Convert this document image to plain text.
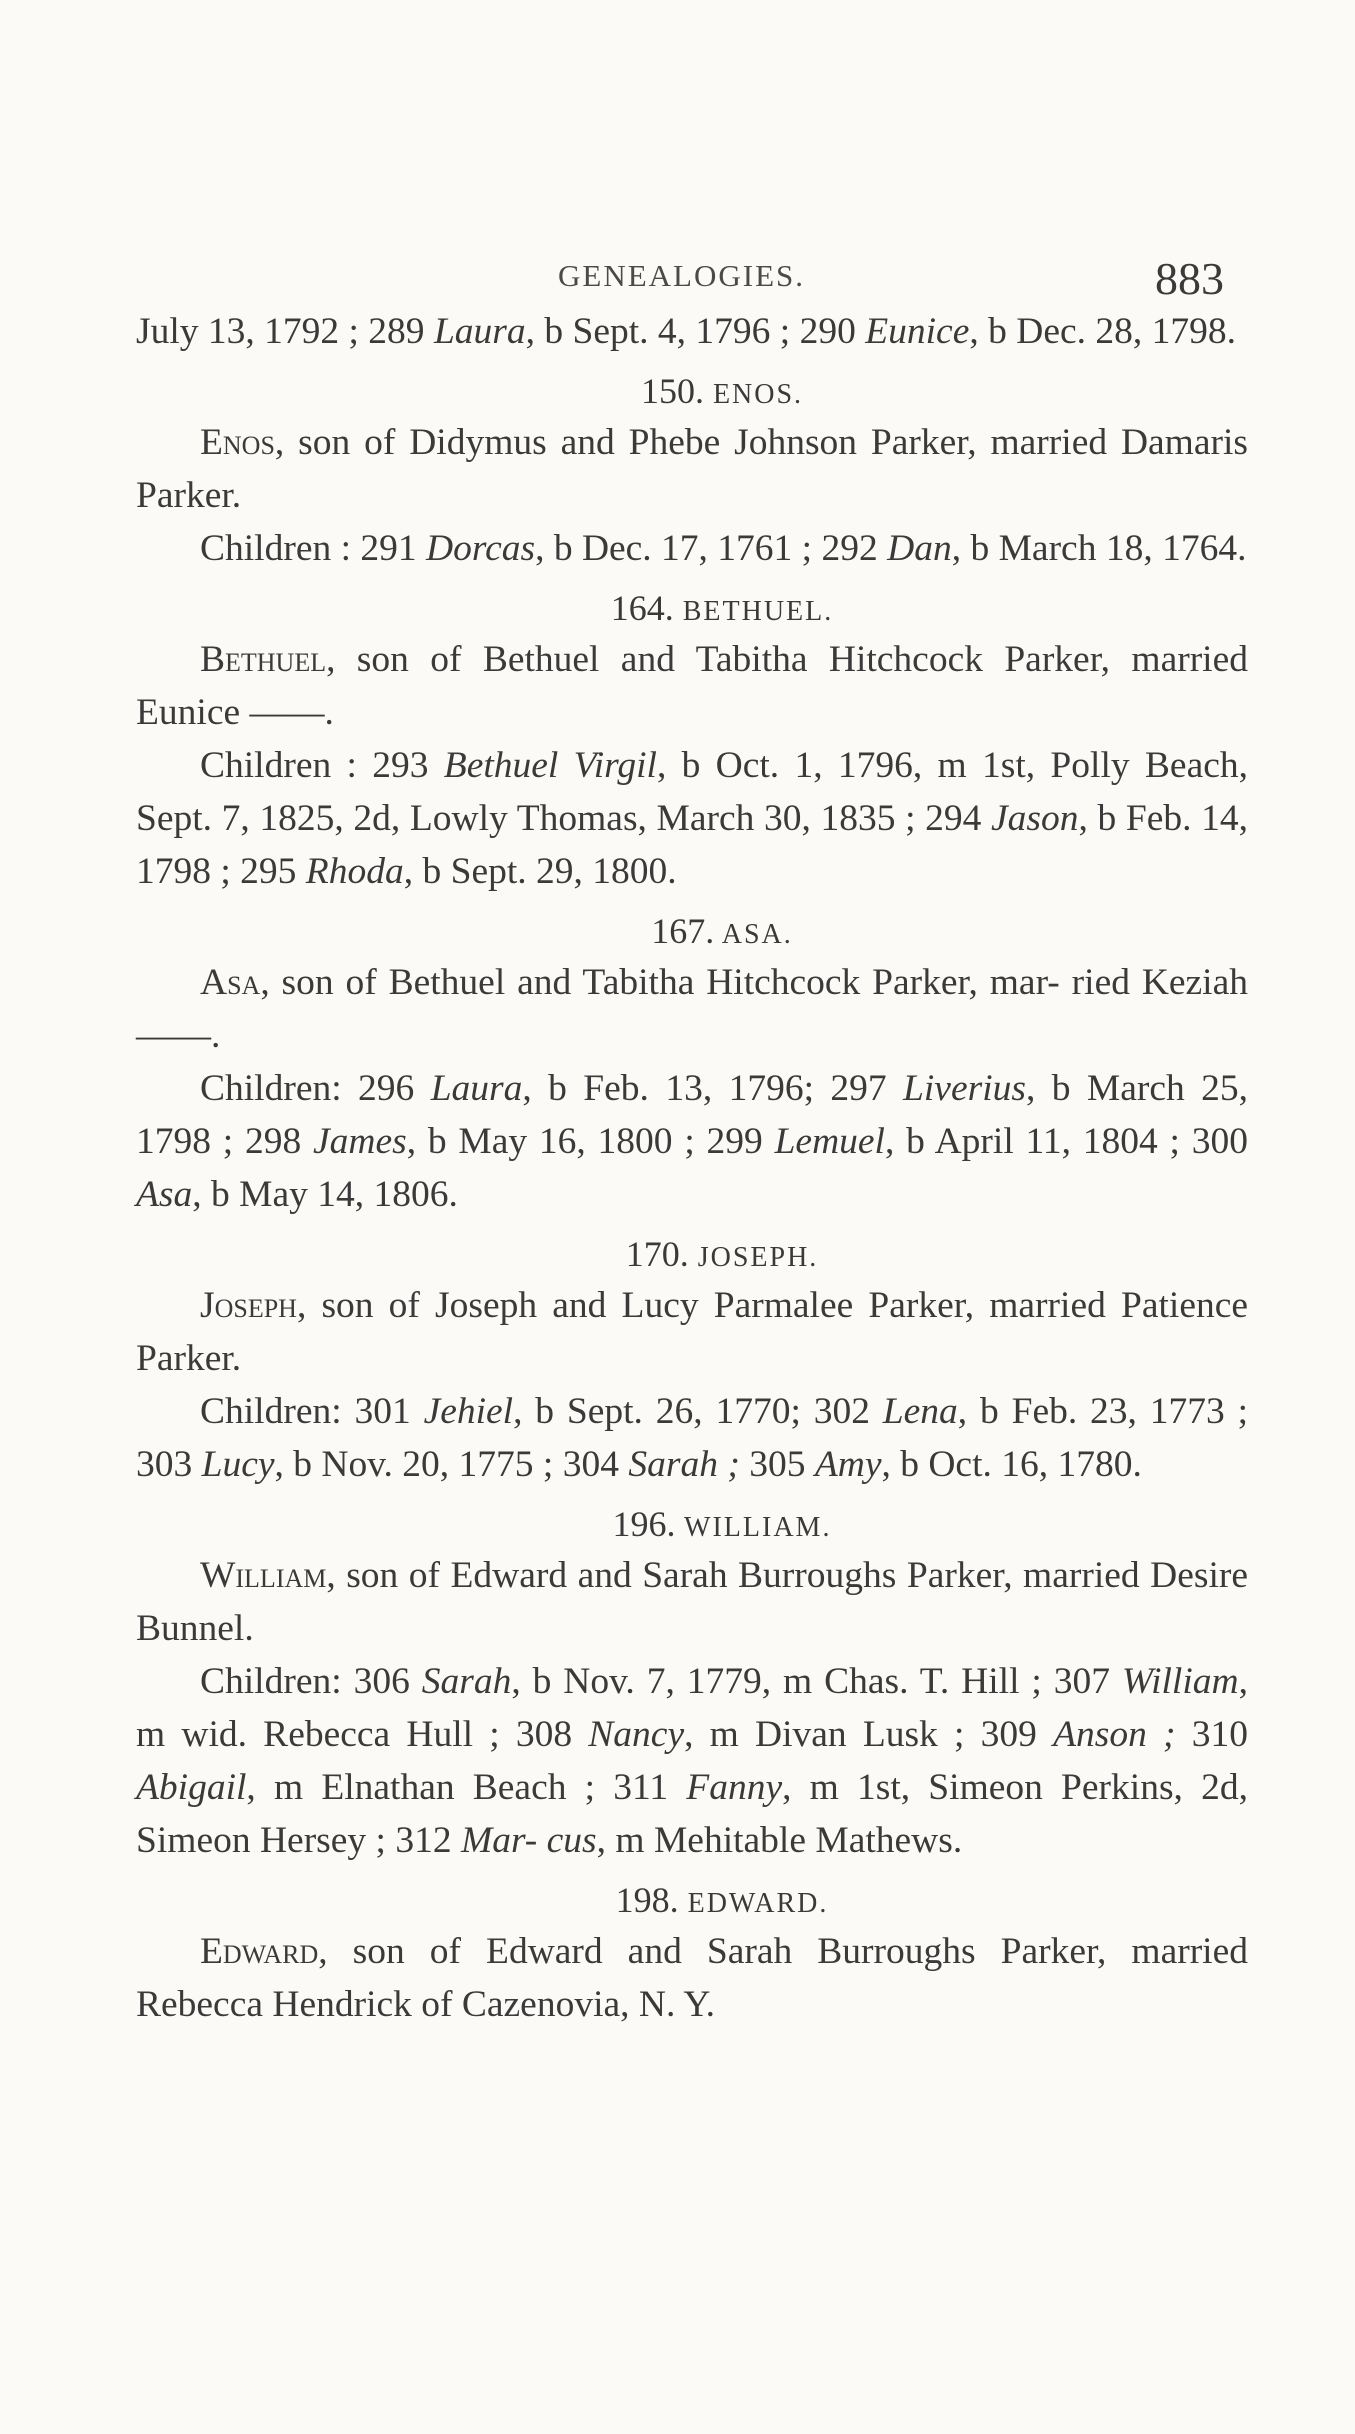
GENEALOGIES.	883

July 13, 1792 ; 289 Laura, b Sept. 4, 1796 ; 290 Eunice, b Dec. 28, 1798.

150. ENOS.

Enos, son of Didymus and Phebe Johnson Parker, married Damaris Parker.

Children : 291 Dorcas, b Dec. 17, 1761 ; 292 Dan, b March 18, 1764.

164. BETHUEL.

Bethuel, son of Bethuel and Tabitha Hitchcock Parker, married Eunice ——.

Children : 293 Bethuel Virgil, b Oct. 1, 1796, m 1st, Polly Beach, Sept. 7, 1825, 2d, Lowly Thomas, March 30, 1835 ; 294 Jason, b Feb. 14, 1798 ; 295 Rhoda, b Sept. 29, 1800.

167. ASA.

Asa, son of Bethuel and Tabitha Hitchcock Parker, mar- ried Keziah ——.

Children: 296 Laura, b Feb. 13, 1796; 297 Liverius, b March 25, 1798 ; 298 James, b May 16, 1800 ; 299 Lemuel, b April 11, 1804 ; 300 Asa, b May 14, 1806.

170. JOSEPH.

Joseph, son of Joseph and Lucy Parmalee Parker, married Patience Parker.

Children: 301 Jehiel, b Sept. 26, 1770; 302 Lena, b Feb. 23, 1773 ; 303 Lucy, b Nov. 20, 1775 ; 304 Sarah ; 305 Amy, b Oct. 16, 1780.

196. WILLIAM.

William, son of Edward and Sarah Burroughs Parker, married Desire Bunnel.

Children: 306 Sarah, b Nov. 7, 1779, m Chas. T. Hill ; 307 William, m wid. Rebecca Hull ; 308 Nancy, m Divan Lusk ; 309 Anson ; 310 Abigail, m Elnathan Beach ; 311 Fanny, m 1st, Simeon Perkins, 2d, Simeon Hersey ; 312 Mar- cus, m Mehitable Mathews.

198. EDWARD.

Edward, son of Edward and Sarah Burroughs Parker, married Rebecca Hendrick of Cazenovia, N. Y.
